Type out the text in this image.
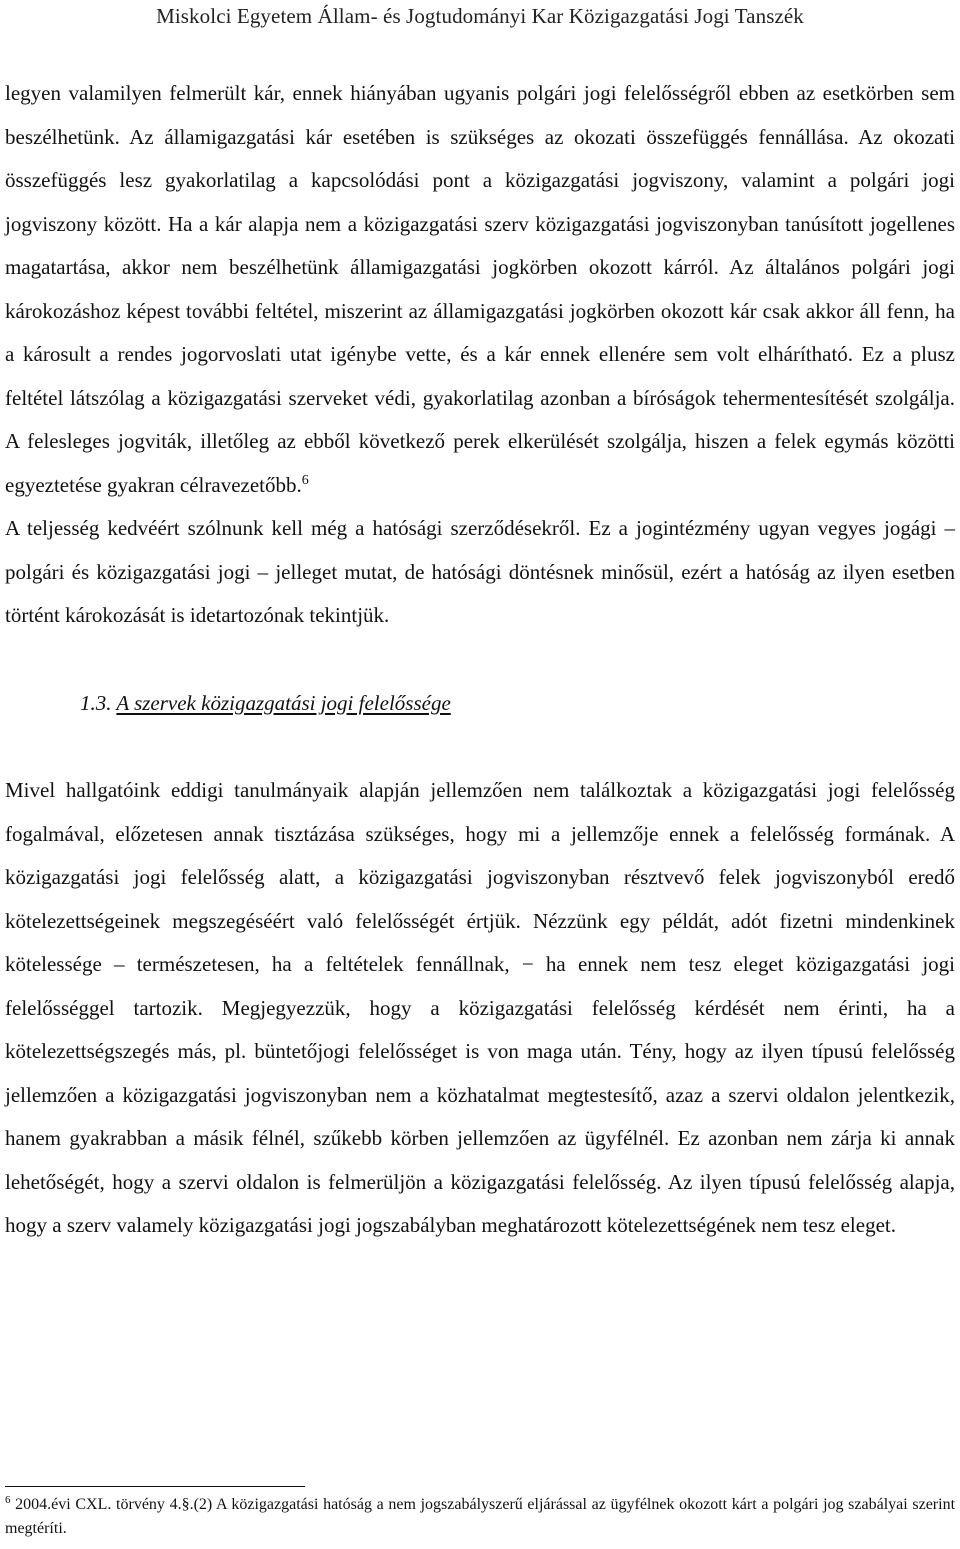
Miskolci Egyetem Állam- és Jogtudományi Kar Közigazgatási Jogi Tanszék

legyen valamilyen felmerült kár, ennek hiányában ugyanis polgári jogi felelősségről ebben az esetkörben sem beszélhetünk. Az államigazgatási kár esetében is szükséges az okozati összefüggés fennállása. Az okozati összefüggés lesz gyakorlatilag a kapcsolódási pont a közigazgatási jogviszony, valamint a polgári jogi jogviszony között. Ha a kár alapja nem a közigazgatási szerv közigazgatási jogviszonyban tanúsított jogellenes magatartása, akkor nem beszélhetünk államigazgatási jogkörben okozott kárról. Az általános polgári jogi károkozáshoz képest további feltétel, miszerint az államigazgatási jogkörben okozott kár csak akkor áll fenn, ha a károsult a rendes jogorvoslati utat igénybe vette, és a kár ennek ellenére sem volt elhárítható. Ez a plusz feltétel látszólag a közigazgatási szerveket védi, gyakorlatilag azonban a bíróságok tehermentesítését szolgálja. A felesleges jogviták, illetőleg az ebből következő perek elkerülését szolgálja, hiszen a felek egymás közötti egyeztetése gyakran célravezetőbb.$^6$

A teljesség kedvéért szólnunk kell még a hatósági szerződésekről. Ez a jogintézmény ugyan vegyes jogági – polgári és közigazgatási jogi – jelleget mutat, de hatósági döntésnek minősül, ezért a hatóság az ilyen esetben történt károkozását is idetartozónak tekintjük.

1.3. A szervek közigazgatási jogi felelőssége

Mivel hallgatóink eddigi tanulmányaik alapján jellemzően nem találkoztak a közigazgatási jogi felelősség fogalmával, előzetesen annak tisztázása szükséges, hogy mi a jellemzője ennek a felelősség formának. A közigazgatási jogi felelősség alatt, a közigazgatási jogviszonyban résztvevő felek jogviszonyból eredő kötelezettségeinek megszegéséért való felelősségét értjük. Nézzünk egy példát, adót fizetni mindenkinek kötelessége – természetesen, ha a feltételek fennállnak, − ha ennek nem tesz eleget közigazgatási jogi felelősséggel tartozik. Megjegyezzük, hogy a közigazgatási felelősség kérdését nem érinti, ha a kötelezettségszegés más, pl. büntetőjogi felelősséget is von maga után. Tény, hogy az ilyen típusú felelősség jellemzően a közigazgatási jogviszonyban nem a közhatalmat megtestesítő, azaz a szervi oldalon jelentkezik, hanem gyakrabban a másik félnél, szűkebb körben jellemzően az ügyfélnél. Ez azonban nem zárja ki annak lehetőségét, hogy a szervi oldalon is felmerüljön a közigazgatási felelősség. Az ilyen típusú felelősség alapja, hogy a szerv valamely közigazgatási jogi jogszabályban meghatározott kötelezettségének nem tesz eleget.

$^6$ 2004.évi CXL. törvény 4.§.(2) A közigazgatási hatóság a nem jogszabályszerű eljárással az ügyfélnek okozott kárt a polgári jog szabályai szerint megtéríti.
